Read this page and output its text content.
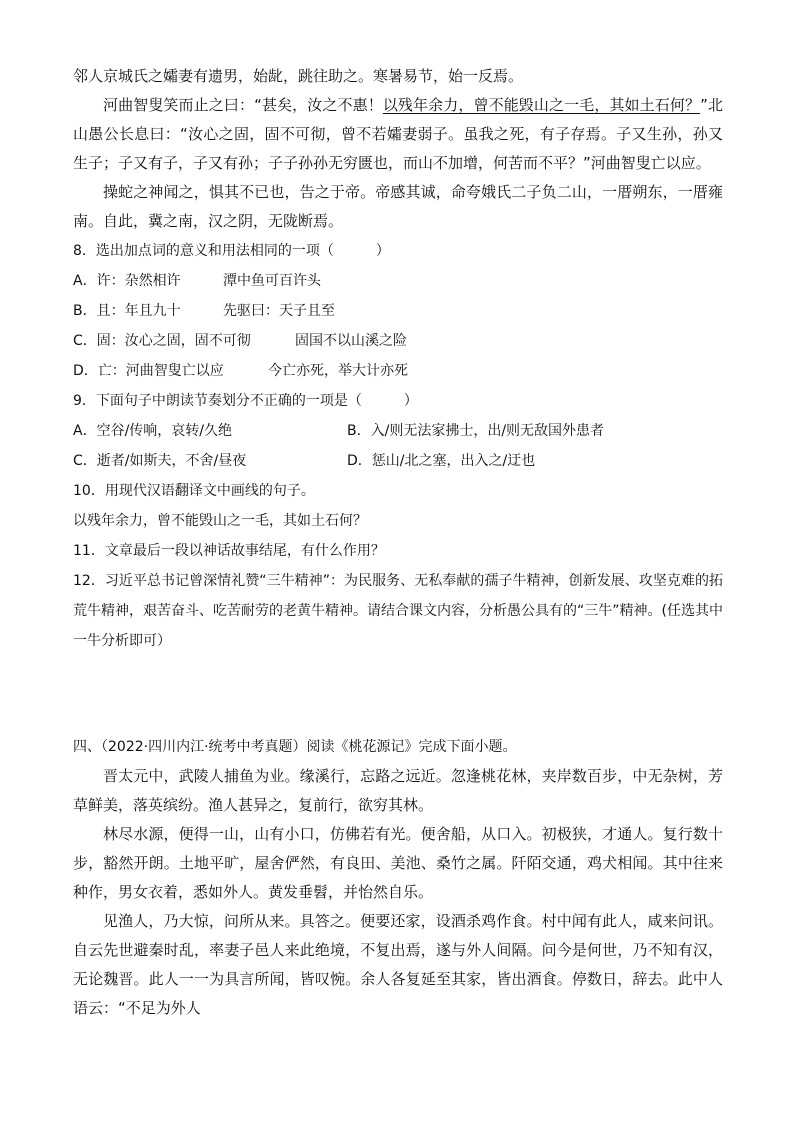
邻人京城氏之孀妻有遗男，始龀，跳往助之。寒暑易节，始一反焉。

河曲智叟笑而止之曰：“甚矣，汝之不惠！以残年余力，曾不能毁山之一毛，其如土石何？”北山愚公长息曰：“汝心之固，固不可彻，曾不若孀妻弱子。虽我之死，有子存焉。子又生孙，孙又生子；子又有子，子又有孙；子子孙孙无穷匮也，而山不加增，何苦而不平？”河曲智叟亡以应。

操蛇之神闻之，惧其不已也，告之于帝。帝感其诚，命夸娥氏二子负二山，一厝朔东，一厝雍南。自此，冀之南，汉之阴，无陇断焉。

8．选出加点词的意义和用法相同的一项（　　　）

A．许：杂然相许	潭中鱼可百许头
B．且：年且九十	先驱曰：天子且至
C．固：汝心之固，固不可彻	固国不以山溪之险
D．亡：河曲智叟亡以应	今亡亦死，举大计亦死

9．下面句子中朗读节奏划分不正确的一项是（　　　）

A．空谷/传响，哀转/久绝	B．入/则无法家拂士，出/则无敌国外患者
C．逝者/如斯夫，不舍/昼夜	D．惩山/北之塞，出入之/迂也

10．用现代汉语翻译文中画线的句子。

以残年余力，曾不能毁山之一毛，其如土石何？

11．文章最后一段以神话故事结尾，有什么作用？

12．习近平总书记曾深情礼赞“三牛精神”：为民服务、无私奉献的孺子牛精神，创新发展、攻坚克难的拓荒牛精神，艰苦奋斗、吃苦耐劳的老黄牛精神。请结合课文内容，分析愚公具有的“三牛”精神。(任选其中一牛分析即可）

四、（2022·四川内江·统考中考真题）阅读《桃花源记》完成下面小题。

晋太元中，武陵人捕鱼为业。缘溪行，忘路之远近。忽逢桃花林，夹岸数百步，中无杂树，芳草鲜美，落英缤纷。渔人甚异之，复前行，欲穷其林。

林尽水源，便得一山，山有小口，仿佛若有光。便舍船，从口入。初极狭，才通人。复行数十步，豁然开朗。土地平旷，屋舍俨然，有良田、美池、桑竹之属。阡陌交通，鸡犬相闻。其中往来种作，男女衣着，悉如外人。黄发垂髫，并怡然自乐。

见渔人，乃大惊，问所从来。具答之。便要还家，设酒杀鸡作食。村中闻有此人，咸来问讯。自云先世避秦时乱，率妻子邑人来此绝境，不复出焉，遂与外人间隔。问今是何世，乃不知有汉，无论魏晋。此人一一为具言所闻，皆叹惋。余人各复延至其家，皆出酒食。停数日，辞去。此中人语云：“不足为外人
